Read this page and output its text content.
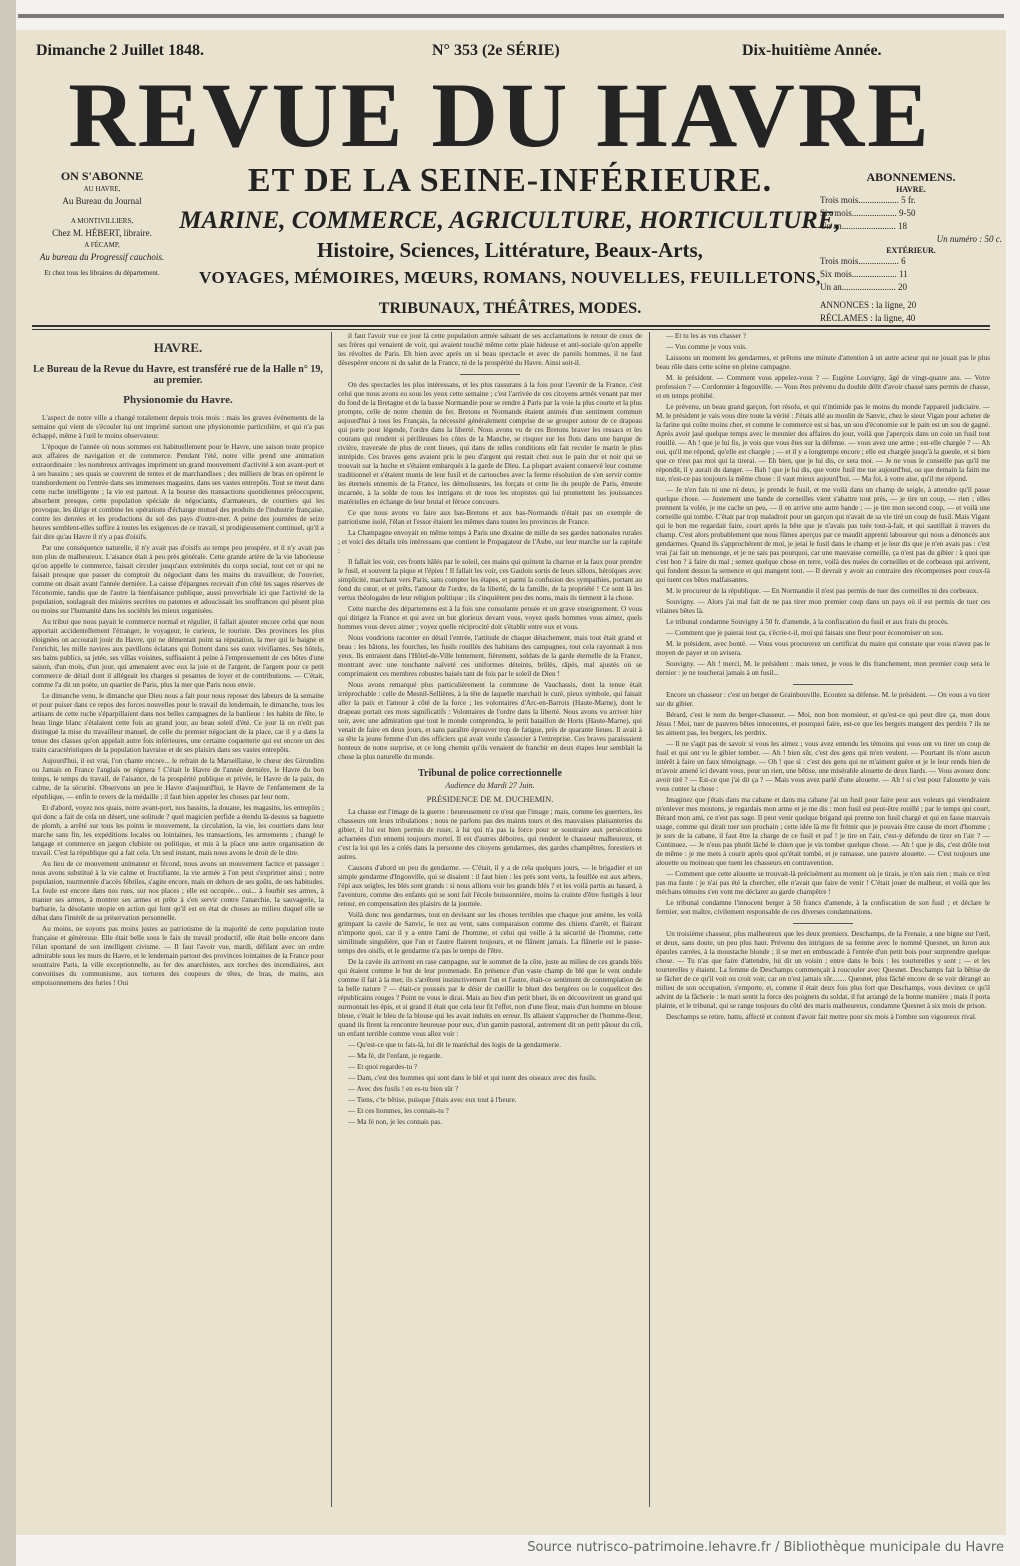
Dimanche 2 Juillet 1848.	N° 353 (2e SÉRIE)	Dix-huitième Année.
REVUE DU HAVRE
ET DE LA SEINE-INFÉRIEURE.
MARINE, COMMERCE, AGRICULTURE, HORTICULTURE,
Histoire, Sciences, Littérature, Beaux-Arts,
VOYAGES, MÉMOIRES, MŒURS, ROMANS, NOUVELLES, FEUILLETONS,
TRIBUNAUX, THÉÂTRES, MODES.
ON S'ABONNE
AU HAVRE,
Au Bureau du Journal
A MONTIVILLIERS,
Chez M. HÉBERT, libraire.
A FÉCAMP,
Au bureau du Progressif cauchois.
Et chez tous les libraires du département.
ABONNEMENS.
HAVRE.
Trois mois.................. 5 fr.
Six mois.................... 9-50
Un an........................ 18
Un numéro : 50 c.
EXTÉRIEUR.
Trois mois.................. 6
Six mois.................... 11
Un an........................ 20
ANNONCES : la ligne, 20
RÉCLAMES : la ligne, 40
HAVRE.
Le Bureau de la Revue du Havre, est transféré rue de la Halle n° 19, au premier.
Physionomie du Havre.

L'aspect de notre ville a changé totalement depuis trois mois : mais les graves événements de la semaine qui vient de s'écouler lui ont imprimé surtout une physionomie particulière, et qui n'a pas échappé, même à l'œil le moins observateur.

L'époque de l'année où nous sommes est habituellement pour le Havre, une saison toute propice aux affaires de navigation et de commerce. Pendant l'été, notre ville prend une animation extraordinaire : les nombreux arrivages impriment un grand mouvement d'activité à son avant-port et à ses bassins ; ses quais se couvrent de tentes et de marchandises ; des milliers de bras en opèrent le transbordement ou l'entrée dans ses immenses magasins, dans ses vastes entrepôts. Tout se meut dans cette ruche intelligente ; la vie est partout. A la bourse des transactions quotidiennes préoccupent, absorbent presque, cette population spéciale de négociants, d'armateurs, de courtiers qui les provoque, les dirige et combine les opérations d'échange mutuel des produits de l'industrie française, contre les denrées et les productions du sol des pays d'outre-mer. A peine des journées de seize heures semblent-elles suffire à toutes les exigences de ce travail, si prodigieusement continuel, qu'il a fait dire qu'au Havre il n'y a pas d'oisifs.

Par une conséquence naturelle, il n'y avait pas d'oisifs au temps peu prospère, et il n'y avait pas non plus de malheureux. L'aisance était à peu près générale. Cette grande artère de la vie laborieuse qu'on appelle le commerce, faisait circuler jusqu'aux extrémités du corps social, tout cet or qui ne faisait presque que passer du comptoir du négociant dans les mains du travailleur, de l'ouvrier, comme on disait avant l'année dernière. La caisse d'épargnes recevait d'un côté les sages réserves de l'économie, tandis que de l'autre la bienfaisance publique, aussi proverbiale ici que l'activité de la population, soulageait des misères secrètes ou patentes et adoucissait les souffrances qui pèsent plus ou moins sur l'humanité dans les sociétés les mieux organisées.

Au tribut que nous payait le commerce normal et régulier, il fallait ajouter encore celui que nous apportait accidentellement l'étranger, le voyageur, le curieux, le touriste. Des provinces les plus éloignées on accourait jouir du Havre, qui ne démentait point sa réputation, la mer qui le baigne et l'enrichit, les mille navires aux pavillons éclatans qui flottent dans ses eaux vivifiantes. Ses hôtels, ses bains publics, sa jetée, ses villas voisines, suffisaient à peine à l'empressement de ces hôtes d'une saison, d'un mois, d'un jour, qui amenaient avec eux la joie et de l'argent, de l'argent pour ce petit commerce de détail dont il allégeait les charges si pesantes de loyer et de contributions. — C'était, comme l'a dit un poète, un quartier de Paris, plus la mer que Paris nous envie.

Le dimanche venu, le dimanche que Dieu nous a fait pour nous reposer des labeurs de la semaine et pour puiser dans ce repos des forces nouvelles pour le travail du lendemain, le dimanche, tous les artisans de cette ruche s'éparpillaient dans nos belles campagnes de la banlieue : les habits de fête, le beau linge blanc s'étalaient cette fois au grand jour, au beau soleil d'été. Ce jour là on n'eût pas distingué la mise du travailleur manuel, de celle du premier négociant de la place, car il y a dans la tenue des classes qu'on appelait autre fois inférieures, une certaine coquetterie qui est encore un des traits caractéristiques de la population havraise et de ses plaisirs dans ses vastes entrepôts.

Aujourd'hui, il est vrai, l'on chante encore... le refrain de la Marseillaise, le chœur des Girondins ou Jamais en France l'anglais ne régnera ! C'était le Havre de l'année dernière, le Havre du bon temps, le temps du travail, de l'aisance, de la prospérité publique et privée, le Havre de la paix, du calme, de la sécurité. Observons un peu le Havre d'aujourd'hui, le Havre de l'enfantement de la république, — enfin le revers de la médaille ; il faut bien appeler les choses par leur nom.

Et d'abord, voyez nos quais, notre avant-port, nos bassins, la douane, les magasins, les entrepôts ; qui donc a fait de cela un désert, une solitude ? quel magicien perfide a étendu là-dessus sa baguette de plomb, a arrêté sur tous les points le mouvement, la circulation, la vie, les courtiers dans leur marche sans fin, les expéditions locales ou lointaines, les transactions, les armements ; changé le langage et commerce en jargon clubiste ou politique, et mis à la place une autre organisation de travail. C'est la république qui a fait cela. Un seul instant, mais nous avons le droit de le dire.

Au lieu de ce mouvement animateur et fécond, nous avons un mouvement factice et passager : nous avons substitué à la vie calme et fructifiante, la vie armée à l'on peut s'exprimer ainsi ; notre population, tourmentée d'accès fébriles, s'agite encore, mais en dehors de ses goûts, de ses habitudes. La foule est encore dans nos rues, sur nos places ; elle est occupée... oui... à fourbir ses armes, à manier ses armes, à montrer ses armes et prête à s'en servir contre l'anarchie, la sauvagerie, la barbarie, la désolante utopie en action qui font qu'il est en état de choses au milieu duquel elle se débat dans l'intérêt de sa préservation personnelle.

Au moins, ne soyons pas moins justes au patriotisme de la majorité de cette population toute française et généreuse. Elle était belle sous le faix du travail productif, elle était belle encore dans l'élan spontané de son intelligent civisme. — Il faut l'avoir vue, mardi, défilant avec un ordre admirable sous les murs du Havre, et le lendemain partout des provinces lointaines de la France pour soustraire Paris, la ville exceptionnelle, au fer des anarchistes, aux torches des incendiaires, aux convoitises du communisme, aux tortures des coupeurs de têtes, de bras, de mains, aux empoisonnemens des furies ! Oui

il faut l'avoir vue ce jour là cette population armée saluant de ses acclamations le retour de ceux de ses frères qui venaient de voir, qui avaient touché même cette plaie hideuse et anti-sociale qu'on appelle les révoltes de Paris. Eh bien avec après un si beau spectacle et avec de pareils hommes, il ne faut désespérer encore ni du salut de la France, ni de la prospérité du Havre. Ainsi soit-il.

On des spectacles les plus intéressans, et les plus rassurans à la fois pour l'avenir de la France, c'est celui que nous avons eu sous les yeux cette semaine ; c'est l'arrivée de ces citoyens armés venant par mer du fond de la Bretagne et de la basse Normandie pour se rendre à Paris par la voie la plus courte et la plus prompte, celle de notre chemin de fer. Bretons et Normands étaient animés d'un sentiment commun aujourd'hui à tous les Français, la nécessité généralement comprise de se grouper autour de ce drapeau qui porte pour légende, l'ordre dans la liberté. Nous avons vu de ces Bretons braver les ressacs et les courans qui rendent si périlleuses les côtes de la Manche, se risquer sur les flots dans une barque de rivière, traversée de plus de cent lieues, qui dans de telles conditions eût fait reculer le marin le plus intrépide. Ces braves gens avaient pris le peu d'argent qui restait chez eux le pain dur et noir qui se trouvait sur la huche et s'étaient embarqués à la garde de Dieu. La plupart avaient conservé leur costume traditionnel et s'étaient munis de leur fusil et de cartouches avec la ferme résolution de s'en servir contre les éternels ennemis de la France, les démolisseurs, les forçats et cette lie du peuple de Paris, émeute incarnée, à la solde de tous les intrigans et de tous les utopistes qui lui promettent les jouissances matérielles en échange de leur brutal et féroce concours.

Ce que nous avons vu faire aux bas-Bretons et aux bas-Normands n'était pas un exemple de patriotisme isolé, l'élan et l'essor étaient les mêmes dans toutes les provinces de France.

La Champagne envoyait en même temps à Paris une dixaine de mille de ses gardes nationales rurales ; et voici des détails très intéressans que contient le Propagateur de l'Aube, sur leur marche sur la capitale :

Il fallait les voir, ces fronts hâlés par le soleil, ces mains qui quittent la charrue et la faux pour prendre le fusil, et souvent la pique et l'épieu ! Il fallait les voir, ces Gaulois sortis de leurs sillons, héroïques avec simplicité, marchant vers Paris, sans compter les étapes, et parmi la confusion des sympathies, portant au fond du cœur, et et prêts, l'amour de l'ordre, de la liberté, de la famille, de la propriété ! Ce sont là les vertus théologales de leur religion politique ; ils s'inquiètent peu des noms, mais ils tiennent à la chose.

Cette marche des départemens est à la fois une consolante pensée et un grave enseignement. O vous qui dirigez la France et qui avez un but glorieux devant vous, voyez quels hommes vous aimez, quels hommes vous devez aimer ; voyez quelle réciprocité doit s'établir entre eux et vous.

Nous voudrions raconter en détail l'entrée, l'attitude de chaque détachement, mais tout était grand et beau : les bâtons, les fourches, les fusils rouillés des habitans des campagnes, tout cela rayonnait à nos yeux. Ils entraient dans l'Hôtel-de-Ville lentement, fièrement, soldats de la garde éternelle de la France, montrant avec une touchante naïveté ces uniformes déteints, brûlés, râpés, mal ajustés où se comprimaient ces membres robustes baisés tant de fois par le soleil de Dieu !

Nous avons remarqué plus particulièrement la commune de Vauchassis, dont la tenue était irréprochable : celle de Mesnil-Sellières, à la tête de laquelle marchait le curé, pieux symbole, qui faisait aller la paix et l'amour à côté de la force ; les volontaires d'Arc-en-Barrois (Haute-Marne), dont le drapeau portait ces mots significatifs : Volontaires de l'ordre dans la liberté. Nous avons vu arriver hier soir, avec une admiration que tout le monde comprendra, le petit bataillon de Horts (Haute-Marne), qui venait de faire en deux jours, et sans paraître éprouver trop de fatigue, près de quarante lieues. Il avait à sa tête la jeune femme d'un des officiers qui avait voulu s'associer à l'entreprise. Ces braves paraissaient honteux de notre surprise, et ce long chemin qu'ils venaient de franchir en deux étapes leur semblait la chose la plus naturelle du monde.

Tribunal de police correctionnelle
Audience du Mardi 27 Juin.
PRÉSIDENCE DE M. DUCHEMIN.

La chasse est l'image de la guerre : heureusement ce n'est que l'image ; mais, comme les guerriers, les chasseurs ont leurs tribulations ; nous ne parlons pas des maints tours et des mauvaises plaisanteries du gibier, il lui est bien permis de ruser, à lui qui n'a pas la force pour se soustraire aux persécutions acharnées d'un ennemi toujours mortel. Il est d'autres déboires, qui rendent le chasseur malheureux, et c'est la loi qui les a créés dans la personne des citoyens gendarmes, des gardes champêtres, forestiers et autres.

Causons d'abord un peu du gendarme. — C'était, il y a de cela quelques jours, — le brigadier et un simple gendarme d'Ingouville, qui se disaient : il faut bien : les prés sont verts, la feuillée est aux arbres, l'épi aux seigles, les blés sont grands : si nous allions voir les grands blés ? et les voilà partis au hasard, à l'aventure, comme des enfants qui se sont fait l'école buissonnière, moins la crainte d'être fustigés à leur retour, en compensation des plaisirs de la journée.

Voilà donc nos gendarmes, tout en devisant sur les choses terribles que chaque jour amène, les voilà grimpant la cavée de Sanvic, le nez au vent, sans comparaison comme des chiens d'arrêt, et flairant n'importe quoi, car il y a entre l'ami de l'homme, et celui qui veille à la sécurité de l'homme, cette similitude singulière, que l'un et l'autre flairent toujours, et ne flânent jamais. La flânerie est le passe-temps des oisifs, et le gendarme n'a pas le temps de l'être.

De la cavée ils arrivent en rase campagne, sur le sommet de la côte, juste au milieu de ces grands blés qui étaient comme le but de leur promenade. En présence d'un vaste champ de blé que le vent ondule comme il fait à la mer, ils s'arrêtent instinctivement l'un et l'autre, était-ce sentiment de contemplation de la belle nature ? — était-ce poussés par le désir de cueillir le bluet des bergères ou le coquelicot des républicains rouges ? Point ne vous le dirai. Mais au lieu d'un petit bluet, ils en découvrirent un grand qui surmontait les épis, et si grand il était que cela leur fit l'effet, non d'une fleur, mais d'un homme en blouse bleue, c'était le bleu de la blouse qui les avait induits en erreur. Ils allaient s'approcher de l'homme-fleur, quand ils firent la rencontre heureuse pour eux, d'un gamin pastoral, autrement dit un petit pâtour du crû, un enfant terrible comme vous allez voir :

— Qu'est-ce que tu fais-là, lui dit le maréchal des logis de la gendarmerie.

— Ma fé, dit l'enfant, je regarde.

— Et quoi regardes-tu ?

— Dam, c'est des hommes qui sont dans le blé et qui tuent des oiseaux avec des fusils.

— Avec des fusils ! en es-tu bien sûr ?

— Tiens, c'te bêtise, puisque j'étais avec eux tout à l'heure.

— Et ces hommes, les connais-tu ?

— Ma fé non, je les connais pas.

— Et tu les as vus chasser ?

— Vus comme je vous vois.

Laissons un moment les gendarmes, et prêtons une minute d'attention à un autre acteur qui ne jouait pas le plus beau rôle dans cette scène en pleine campagne.

M. le président. — Comment vous appelez-vous ? — Eugène Louvigny, âgé de vingt-quatre ans. — Votre profession ? — Cordonnier à Ingouville. — Vous êtes prévenu du double délit d'avoir chassé sans permis de chasse, et en temps prohibé.

Le prévenu, un beau grand garçon, fort résolu, et qui n'intimide pas le moins du monde l'appareil judiciaire. — M. le président je vais vous dire toute la vérité : J'étais allé au moulin de Sanvic, chez le sieur Vigan pour acheter de la farine qui coûte moins cher, et comme le commerce est si bas, un sou d'économie sur le pain est un sou de gagné. Après avoir jasé quelque temps avec le meunier des affaires du jour, voilà que j'aperçois dans un coin un fusil tout rouillé. — Ah ! que je lui fis, je vois que vous êtes sur la défense. — vous avez une arme ; est-elle chargée ? — Ah oui, qu'il me répond, qu'elle est chargée ; — et il y a longtemps encore ; elle est chargée jusqu'à la gueule, et si bien que ce n'est pas moi qui la tirerai. — Eh bien, que je lui dis, ce sera moi. — Je ne vous le conseille pas qu'il me répondit, il y aurait du danger. — Bah ! que je lui dis, que votre fusil me tue aujourd'hui, ou que demain la faim me tue, n'est-ce pas toujours la même chose : il vaut mieux aujourd'hui. — Ma foi, à votre aise, qu'il me répond.

— Je n'en fais ni une ni deux, je prends le fusil, et me voilà dans un champ de seigle, à attendre qu'il passe quelque chose. — Justement une bande de corneilles vient s'abattre tout près, — je tire un coup, — rien ; elles prennent la volée, je me cache un peu, — il en arrive une autre bande ; — je tire mon second coup, — et voilà une corneille qui tombe. C'était par trop maladroit pour un garçon qui n'avait de sa vie tiré un coup de fusil. Mais Vigant qui le bon me regardait faire, court après la bête que je n'avais pas tuée tout-à-fait, et qui sautillait à travers du champ. C'est alors probablement que nous fûmes aperçus par ce maudit apprenti laboureur qui nous a dénoncés aux gendarmes. Quand ils s'approchèrent de moi, je jetai le fusil dans le champ et je leur dis que je n'en avais pas : c'est vrai j'ai fait un mensonge, et je ne sais pas pourquoi, car une mauvaise corneille, ça n'est pas du gibier : à quoi que c'est bon ? à faire du mal ; semez quelque chose en terre, voilà des nuées de corneilles et de corbeaux qui arrivent, qui fondent dessus la semence et qui mangent tout. — Il devrait y avoir au contraire des récompenses pour ceux-là qui tuent ces bêtes malfaisantes.

M. le procureur de la république. — En Normandie il n'est pas permis de tuer des corneilles ni des corbeaux.

Souvigny. — Alors j'ai mal fait de ne pas tirer mon premier coup dans un pays où il est permis de tuer ces vilaines bêtes là.

Le tribunal condamne Souvigny à 50 fr. d'amende, à la confiscation du fusil et aux frais du procès.

— Comment que je paierai tout ça, s'écrie-t-il, moi qui faisais une fleur pour économiser un sou.

M. le président, avec bonté. — Vous vous procurerez un certificat du maire qui constate que vous n'avez pas le moyen de payer et on avisera.

Souvigny. — Ah ! merci, M. le président : mais tenez, je vous le dis franchement, mon premier coup sera le dernier : je ne toucherai jamais à un fusil...

Encore un chasseur : c'est un berger de Grainbouville. Ecoutez sa défense. M. le président. — On vous a vu tirer sur du gibier.

Bérard, c'est le nom du berger-chasseur. — Moi, non bon monsieur, et qu'est-ce qui peut dire ça, mon doux Jésus ! Moi, tuer de pauvres bêtes innocentes, et pourquoi faire, est-ce que les bergers mangent des perdrix ? ils ne les aiment pas, les bergers, les perdrix.

— Il ne s'agit pas de savoir si vous les aimez ; vous avez entendu les témoins qui vous ont vu tirer un coup de fusil et qui ont vu le gibier tomber. — Ah ! bien sûr, c'est des gens qui m'en veulent. — Pourtant ils n'ont aucun intérêt à faire un faux témoignage. — Oh ! que si : c'est des gens qui ne m'aiment guère et je le leur rends bien de m'avoir amené ici devant vous, pour un rien, une bêtise, une misérable alouette de deux liards. — Vous avouez donc avoir tiré ? — Est-ce que j'ai dit ça ? — Mais vous avez parlé d'une alouette. — Ah ! si c'est pour l'alouette je vais vous conter la chose :

Imaginez que j'étais dans ma cabane et dans ma cabane j'ai un fusil pour faire peur aux voleurs qui viendraient m'enlever mes moutons, je regardais mon arme et je me dis : mon fusil est peut-être rouillé ; par le temps qui court, Bérard mon ami, ce n'est pas sage. Il peut venir quelque brigand qui prenne ton fusil chargé et qui en fasse mauvais usage, comme qui dirait tuer son prochain ; cette idée là me fit frémir que je pouvais être cause de mort d'homme ; je sors de la cabane, il faut être la charge de ce fusil et paf ! je tire en l'air, c'est-y défendu de tirer en l'air ? — Continuez. — Je n'eus pas plutôt lâché le chien que je vis tomber quelque chose. — Ah ! que je dis, c'est drôle tout de même : je me mets à courir après quoi qu'était tombé, et je ramasse, une pauvre alouette. — C'est toujours une alouette ou moineau que tuent les chasseurs en contravention.

— Comment que cette alouette se trouvait-là précisément au moment où je tirais, je n'en sais rien ; mais ce n'est pas ma faute : je n'ai pas été la chercher, elle n'avait que faire de venir ! C'était jouer de malheur, et voilà que les méchans témoins s'en vont me déclarer au garde champêtre !

Le tribunal condamne l'innocent berger à 50 francs d'amende, à la confiscation de son fusil ; et déclare le fermier, son maître, civilement responsable de ces diverses condamnations.

Un troisième chasseur, plus malheureux que les deux premiers. Deschamps, de la Frenaie, a une bigne sur l'œil, et deux, sans doute, un peu plus haut. Prévenu des intrigues de sa femme avec le nommé Quesnet, un luron aux épaules carrées, à la moustache blonde ; il se met en embuscade à l'entrée d'un petit bois pour surprendre quelque chose. — Tu n'as que faire d'attendre, lui dit un voisin ; entre dans le bois : les tourterelles y sont ; — et les tourterelles y étaient. La femme de Deschamps commençait à roucouler avec Quesnet. Deschamps fait la bêtise de se fâcher de ce qu'il voit ou croit voir, car on n'est jamais sûr........ Quesnet, plus fâché encore de se voir dérangé au milieu de son occupation, s'emporte, et, comme il était deux fois plus fort que Deschamps, vous devinez ce qu'il advint de la fâcherie : le mari sentit la force des poignets du soldat, il fut arrangé de la bonne manière ; mais il porta plainte, et le tribunal, qui se range toujours du côté des maris malheureux, condamne Quesnet à six mois de prison.

Deschamps se retire, battu, affecté et content d'avoir fait mettre pour six mois à l'ombre son vigoureux rival.

Source nutrisco-patrimoine.lehavre.fr / Bibliothèque municipale du Havre
